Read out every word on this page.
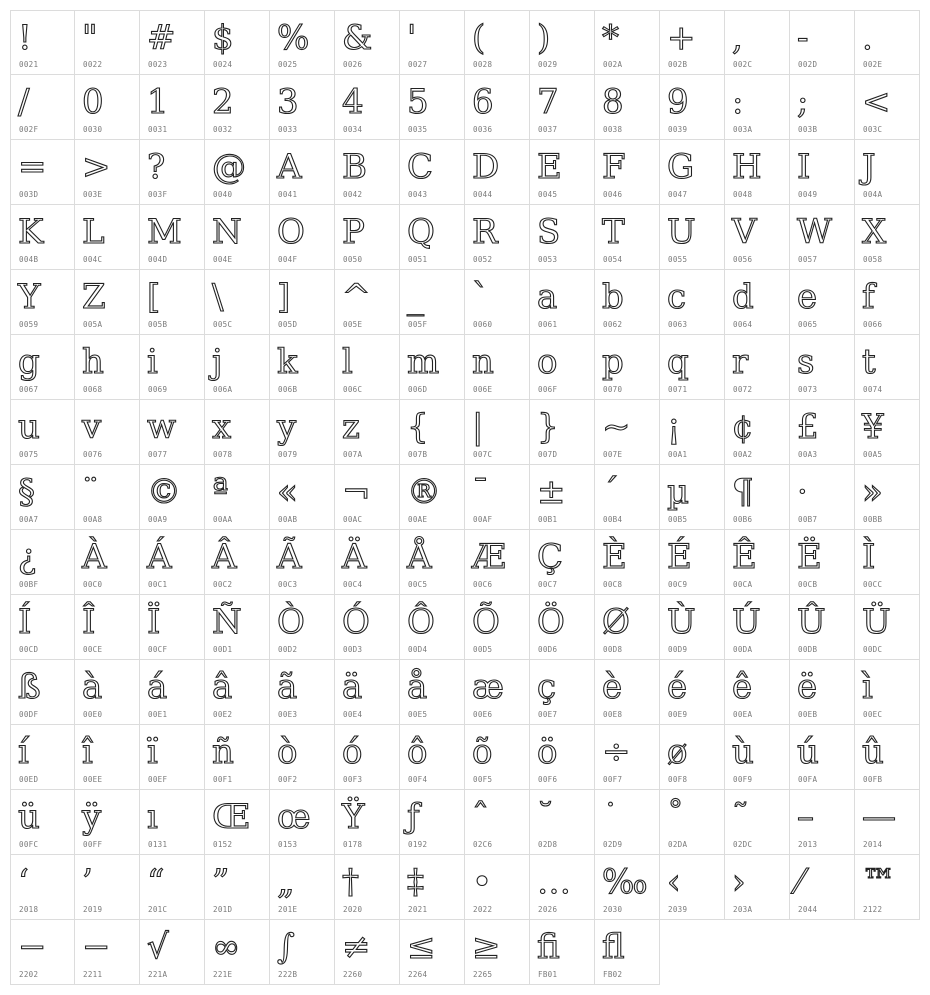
!
0021
"
0022
#
0023
$
0024
%
0025
&
0026
'
0027
(
0028
)
0029
*
002A
+
002B
,
002C
-
002D
.
002E
/
002F
0
0030
1
0031
2
0032
3
0033
4
0034
5
0035
6
0036
7
0037
8
0038
9
0039
:
003A
;
003B
<
003C
=
003D
>
003E
?
003F
@
0040
A
0041
B
0042
C
0043
D
0044
E
0045
F
0046
G
0047
H
0048
I
0049
J
004A
K
004B
L
004C
M
004D
N
004E
O
004F
P
0050
Q
0051
R
0052
S
0053
T
0054
U
0055
V
0056
W
0057
X
0058
Y
0059
Z
005A
[
005B
\
005C
]
005D
^
005E
_
005F
`
0060
a
0061
b
0062
c
0063
d
0064
e
0065
f
0066
g
0067
h
0068
i
0069
j
006A
k
006B
l
006C
m
006D
n
006E
o
006F
p
0070
q
0071
r
0072
s
0073
t
0074
u
0075
v
0076
w
0077
x
0078
y
0079
z
007A
{
007B
|
007C
}
007D
~
007E
¡
00A1
¢
00A2
£
00A3
¥
00A5
§
00A7
¨
00A8
©
00A9
ª
00AA
«
00AB
¬
00AC
®
00AE
¯
00AF
±
00B1
´
00B4
µ
00B5
¶
00B6
·
00B7
»
00BB
¿
00BF
À
00C0
Á
00C1
Â
00C2
Ã
00C3
Ä
00C4
Å
00C5
Æ
00C6
Ç
00C7
È
00C8
É
00C9
Ê
00CA
Ë
00CB
Ì
00CC
Í
00CD
Î
00CE
Ï
00CF
Ñ
00D1
Ò
00D2
Ó
00D3
Ô
00D4
Õ
00D5
Ö
00D6
Ø
00D8
Ù
00D9
Ú
00DA
Û
00DB
Ü
00DC
ß
00DF
à
00E0
á
00E1
â
00E2
ã
00E3
ä
00E4
å
00E5
æ
00E6
ç
00E7
è
00E8
é
00E9
ê
00EA
ë
00EB
ì
00EC
í
00ED
î
00EE
ï
00EF
ñ
00F1
ò
00F2
ó
00F3
ô
00F4
õ
00F5
ö
00F6
÷
00F7
ø
00F8
ù
00F9
ú
00FA
û
00FB
ü
00FC
ÿ
00FF
ı
0131
Œ
0152
œ
0153
Ÿ
0178
ƒ
0192
ˆ
02C6
˘
02D8
˙
02D9
˚
02DA
˜
02DC
–
2013
—
2014
‘
2018
’
2019
“
201C
”
201D
„
201E
†
2020
‡
2021
•
2022
…
2026
‰
2030
‹
2039
›
203A
⁄
2044
™
2122
−
2202
−
2211
√
221A
∞
221E
∫
222B
≠
2260
≤
2264
≥
2265
ﬁ
FB01
ﬂ
FB02
